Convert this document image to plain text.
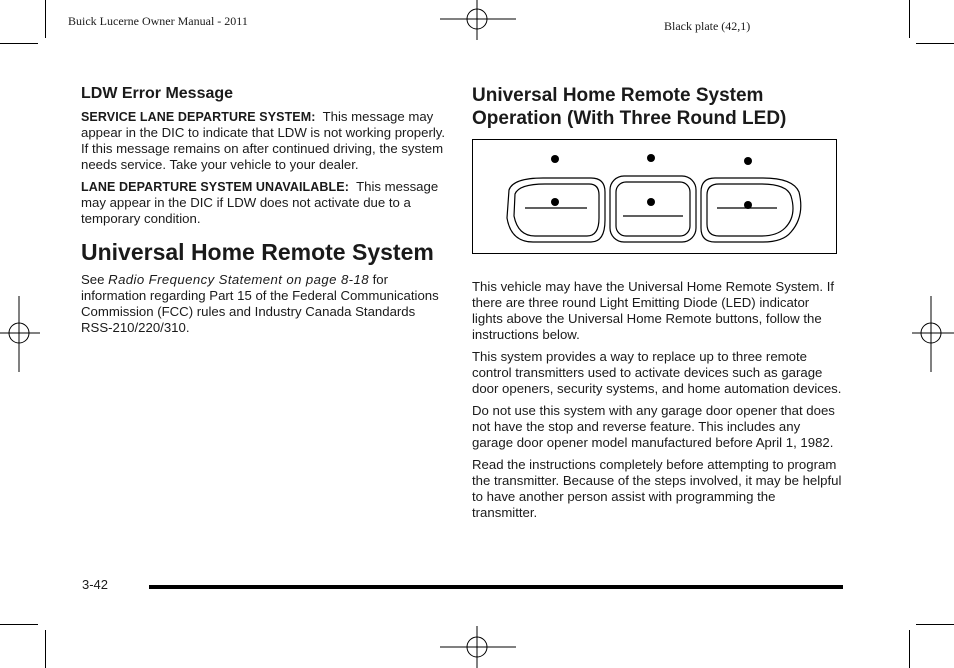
Buick Lucerne Owner Manual - 2011	Black plate (42,1)
LDW Error Message

SERVICE LANE DEPARTURE SYSTEM: This message may appear in the DIC to indicate that LDW is not working properly. If this message remains on after continued driving, the system needs service. Take your vehicle to your dealer.

LANE DEPARTURE SYSTEM UNAVAILABLE: This message may appear in the DIC if LDW does not activate due to a temporary condition.

Universal Home Remote System

See Radio Frequency Statement on page 8-18 for information regarding Part 15 of the Federal Communications Commission (FCC) rules and Industry Canada Standards RSS-210/220/310.

Universal Home Remote System Operation (With Three Round LED)

This vehicle may have the Universal Home Remote System. If there are three round Light Emitting Diode (LED) indicator lights above the Universal Home Remote buttons, follow the instructions below.

This system provides a way to replace up to three remote control transmitters used to activate devices such as garage door openers, security systems, and home automation devices.

Do not use this system with any garage door opener that does not have the stop and reverse feature. This includes any garage door opener model manufactured before April 1, 1982.

Read the instructions completely before attempting to program the transmitter. Because of the steps involved, it may be helpful to have another person assist with programming the transmitter.

3-42
